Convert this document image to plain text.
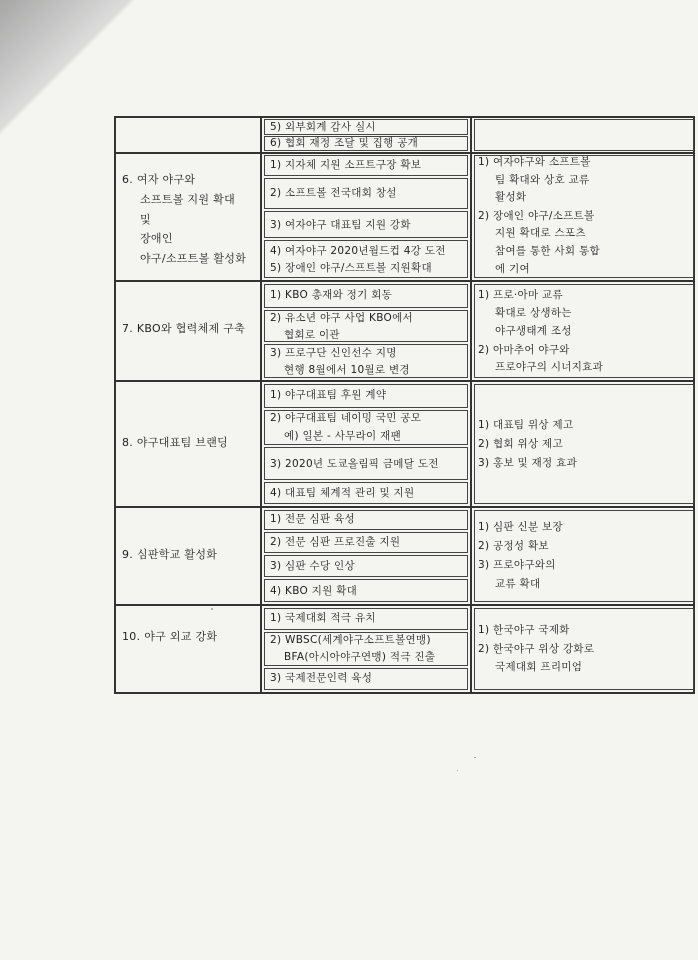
5) 외부회계 감사 실시
6) 협회 재정 조달 및 집행 공개
6. 여자 야구와
소프트볼 지원 확대
및
장애인
야구/소프트볼 활성화
1) 지자체 지원 소프트구장 확보
2) 소프트볼 전국대회 창설
3) 여자야구 대표팀 지원 강화
4) 여자야구 2020년월드컵 4강 도전
5) 장애인 야구/스프트볼 지원확대
1) 여자야구와 소프트볼
팀 확대와 상호 교류
활성화
2) 장애인 야구/소프트볼
지원 확대로 스포츠
참여를 통한 사회 통합
에 기여
7. KBO와 협력체제 구축
1) KBO 총재와 정기 회동
2) 유소년 야구 사업 KBO에서
협회로 이관
3) 프로구단 신인선수 지명
현행 8월에서 10월로 변경
1) 프로·아마 교류
확대로 상생하는
야구생태계 조성
2) 아마추어 야구와
프로야구의 시너지효과
8. 야구대표팀 브랜딩
1) 야구대표팀 후원 계약
2) 야구대표팀 네이밍 국민 공모
예) 일본 - 사무라이 재팬
3) 2020년 도쿄올림픽 금메달 도전
4) 대표팀 체계적 관리 및 지원
1) 대표팀 위상 제고
2) 협회 위상 제고
3) 홍보 및 재정 효과
9. 심판학교 활성화
1) 전문 심판 육성
2) 전문 심판 프로진출 지원
3) 심판 수당 인상
4) KBO 지원 확대
1) 심판 신분 보장
2) 공정성 확보
3) 프로야구와의
교류 확대
10. 야구 외교 강화
1) 국제대회 적극 유치
2) WBSC(세계야구소프트볼연맹)
BFA(아시아야구연맹) 적극 진출
3) 국제전문인력 육성
1) 한국야구 국제화
2) 한국야구 위상 강화로
국제대회 프리미엄
